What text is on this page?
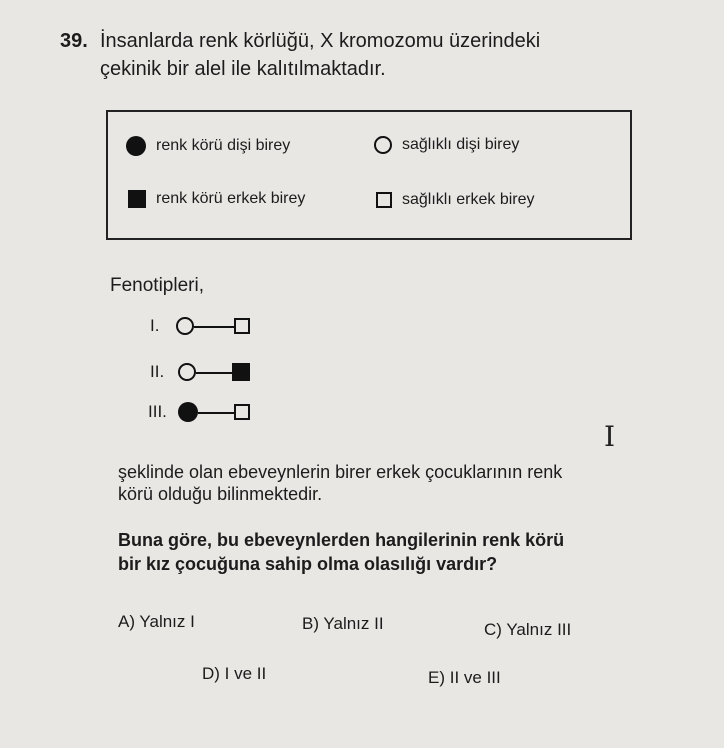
39. İnsanlarda renk körlüğü, X kromozomu üzerindeki
çekinik bir alel ile kalıtılmaktadır.
renk körü dişi birey	sağlıklı dişi birey
renk körü erkek birey	sağlıklı erkek birey
Fenotipleri,
I.
II.
III.
I
şeklinde olan ebeveynlerin birer erkek çocuklarının renk
körü olduğu bilinmektedir.
Buna göre, bu ebeveynlerden hangilerinin renk körü
bir kız çocuğuna sahip olma olasılığı vardır?
A) Yalnız I	B) Yalnız II	C) Yalnız III
D) I ve II	E) II ve III
